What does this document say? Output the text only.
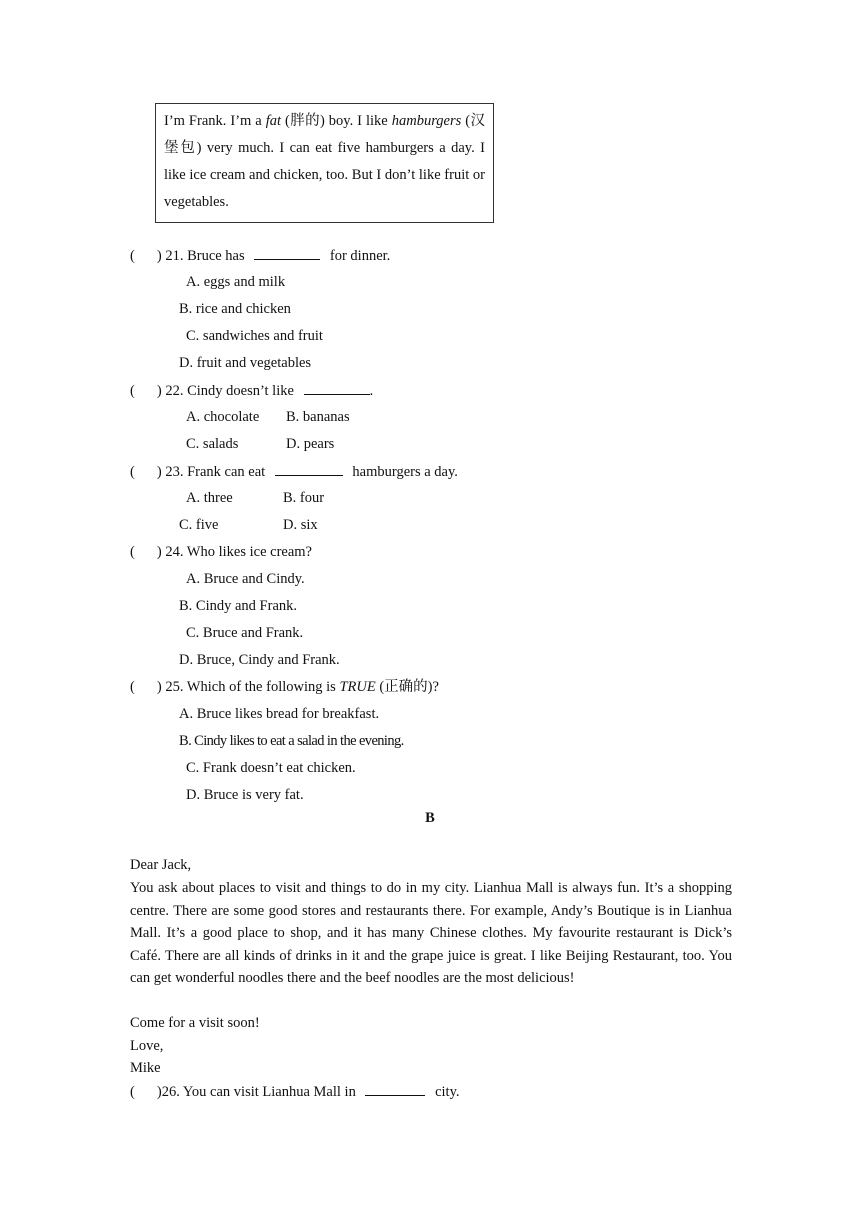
I’m Frank. I’m a fat (胖的) boy. I like hamburgers (汉堡包) very much. I can eat five hamburgers a day. I like ice cream and chicken, too. But I don’t like fruit or vegetables.
( ) 21. Bruce has	for dinner.
A. eggs and milk
B. rice and chicken
C. sandwiches and fruit
D. fruit and vegetables
( ) 22. Cindy doesn’t like	.
A. chocolate B. bananas
C. salads	D. pears
( ) 23. Frank can eat	hamburgers a day.
A. three	B. four
C. five	D. six
( ) 24. Who likes ice cream?
A. Bruce and Cindy.
B. Cindy and Frank.
C. Bruce and Frank.
D. Bruce, Cindy and Frank.
( ) 25. Which of the following is TRUE (正确的)?
A. Bruce likes bread for breakfast.
B. Cindy likes to eat a salad in the evening.
C. Frank doesn’t eat chicken.
D. Bruce is very fat.
B
Dear Jack,
You ask about places to visit and things to do in my city. Lianhua Mall is always fun. It’s a shopping centre. There are some good stores and restaurants there. For example, Andy’s Boutique is in Lianhua Mall. It’s a good place to shop, and it has many Chinese clothes. My favourite restaurant is Dick’s Café. There are all kinds of drinks in it and the grape juice is great. I like Beijing Restaurant, too. You can get wonderful noodles there and the beef noodles are the most delicious!
Come for a visit soon!
Love,
Mike
( )26. You can visit Lianhua Mall in	city.
